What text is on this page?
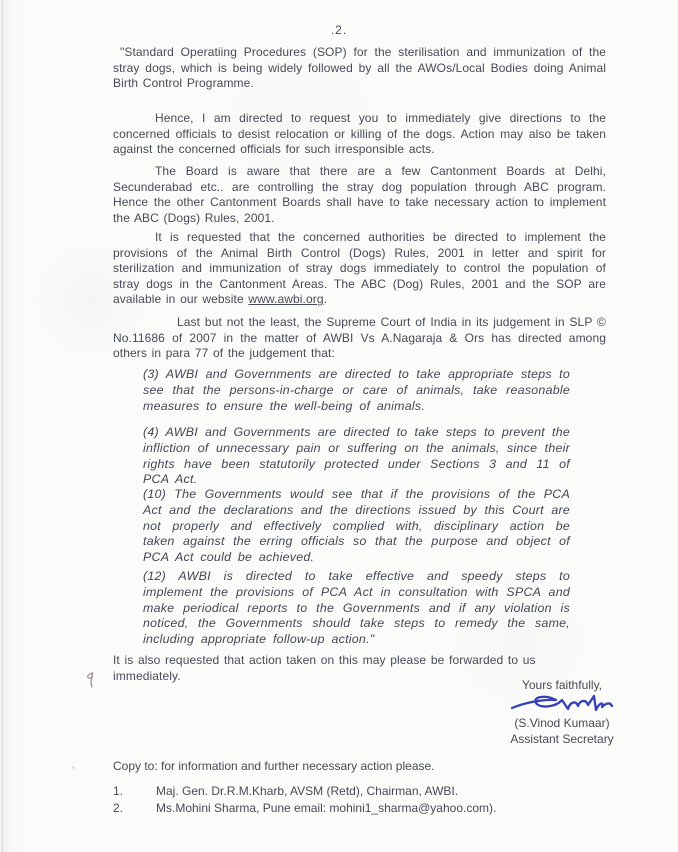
.2.

"Standard Operatiing Procedures (SOP) for the sterilisation and immunization of the stray dogs, which is being widely followed by all the AWOs/Local Bodies doing Animal Birth Control Programme.

Hence, I am directed to request you to immediately give directions to the concerned officials to desist relocation or killing of the dogs. Action may also be taken against the concerned officials for such irresponsible acts.

The Board is aware that there are a few Cantonment Boards at Delhi, Secunderabad etc.. are controlling the stray dog population through ABC program. Hence the other Cantonment Boards shall have to take necessary action to implement the ABC (Dogs) Rules, 2001.

It is requested that the concerned authorities be directed to implement the provisions of the Animal Birth Control (Dogs) Rules, 2001 in letter and spirit for sterilization and immunization of stray dogs immediately to control the population of stray dogs in the Cantonment Areas. The ABC (Dog) Rules, 2001 and the SOP are available in our website www.awbi.org.

Last but not the least, the Supreme Court of India in its judgement in SLP © No.11686 of 2007 in the matter of AWBI Vs A.Nagaraja & Ors has directed among others in para 77 of the judgement that:

(3) AWBI and Governments are directed to take appropriate steps to see that the persons-in-charge or care of animals, take reasonable measures to ensure the well-being of animals.

(4) AWBI and Governments are directed to take steps to prevent the infliction of unnecessary pain or suffering on the animals, since their rights have been statutorily protected under Sections 3 and 11 of PCA Act.

(10) The Governments would see that if the provisions of the PCA Act and the declarations and the directions issued by this Court are not properly and effectively complied with, disciplinary action be taken against the erring officials so that the purpose and object of PCA Act could be achieved.

(12) AWBI is directed to take effective and speedy steps to implement the provisions of PCA Act in consultation with SPCA and make periodical reports to the Governments and if any violation is noticed, the Governments should take steps to remedy the same, including appropriate follow-up action."

It is also requested that action taken on this may please be forwarded to us immediately.

Yours faithfully,
(S.Vinod Kumaar)
Assistant Secretary
’	Copy to: for information and further necessary action please.

1.	Maj. Gen. Dr.R.M.Kharb, AVSM (Retd), Chairman, AWBI.
2.	Ms.Mohini Sharma, Pune email: mohini1_sharma@yahoo.com).
